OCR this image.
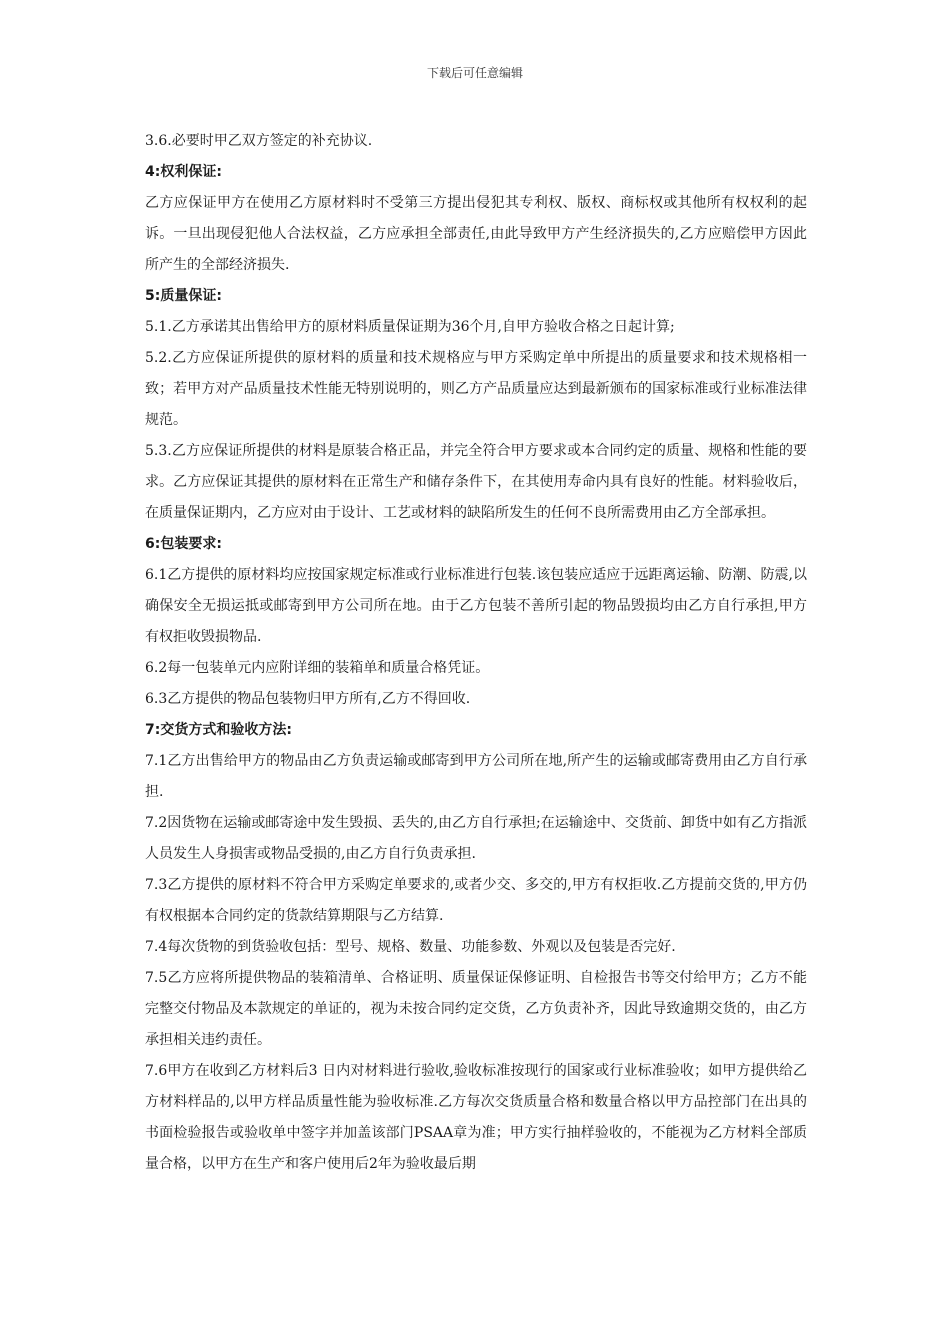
下载后可任意编辑

3.6.必要时甲乙双方签定的补充协议.

4:权利保证:

乙方应保证甲方在使用乙方原材料时不受第三方提出侵犯其专利权、版权、商标权或其他所有权权利的起诉。一旦出现侵犯他人合法权益，乙方应承担全部责任,由此导致甲方产生经济损失的,乙方应赔偿甲方因此所产生的全部经济损失.

5:质量保证:

5.1.乙方承诺其出售给甲方的原材料质量保证期为36个月,自甲方验收合格之日起计算;

5.2.乙方应保证所提供的原材料的质量和技术规格应与甲方采购定单中所提出的质量要求和技术规格相一致；若甲方对产品质量技术性能无特别说明的，则乙方产品质量应达到最新颁布的国家标准或行业标准法律规范。

5.3.乙方应保证所提供的材料是原装合格正品，并完全符合甲方要求或本合同约定的质量、规格和性能的要求。乙方应保证其提供的原材料在正常生产和储存条件下，在其使用寿命内具有良好的性能。材料验收后，在质量保证期内，乙方应对由于设计、工艺或材料的缺陷所发生的任何不良所需费用由乙方全部承担。

6:包装要求:

6.1乙方提供的原材料均应按国家规定标准或行业标准进行包装.该包装应适应于远距离运输、防潮、防震,以确保安全无损运抵或邮寄到甲方公司所在地。由于乙方包装不善所引起的物品毁损均由乙方自行承担,甲方有权拒收毁损物品.

6.2每一包装单元内应附详细的装箱单和质量合格凭证。

6.3乙方提供的物品包装物归甲方所有,乙方不得回收.

7:交货方式和验收方法:

7.1乙方出售给甲方的物品由乙方负责运输或邮寄到甲方公司所在地,所产生的运输或邮寄费用由乙方自行承担.

7.2因货物在运输或邮寄途中发生毁损、丢失的,由乙方自行承担;在运输途中、交货前、卸货中如有乙方指派人员发生人身损害或物品受损的,由乙方自行负责承担.

7.3乙方提供的原材料不符合甲方采购定单要求的,或者少交、多交的,甲方有权拒收.乙方提前交货的,甲方仍有权根据本合同约定的货款结算期限与乙方结算.

7.4每次货物的到货验收包括：型号、规格、数量、功能参数、外观以及包装是否完好.

7.5乙方应将所提供物品的装箱清单、合格证明、质量保证保修证明、自检报告书等交付给甲方；乙方不能完整交付物品及本款规定的单证的，视为未按合同约定交货，乙方负责补齐，因此导致逾期交货的，由乙方承担相关违约责任。

7.6甲方在收到乙方材料后3 日内对材料进行验收,验收标准按现行的国家或行业标准验收；如甲方提供给乙方材料样品的,以甲方样品质量性能为验收标准.乙方每次交货质量合格和数量合格以甲方品控部门在出具的书面检验报告或验收单中签字并加盖该部门PSAA章为准；甲方实行抽样验收的，不能视为乙方材料全部质量合格，以甲方在生产和客户使用后2年为验收最后期
